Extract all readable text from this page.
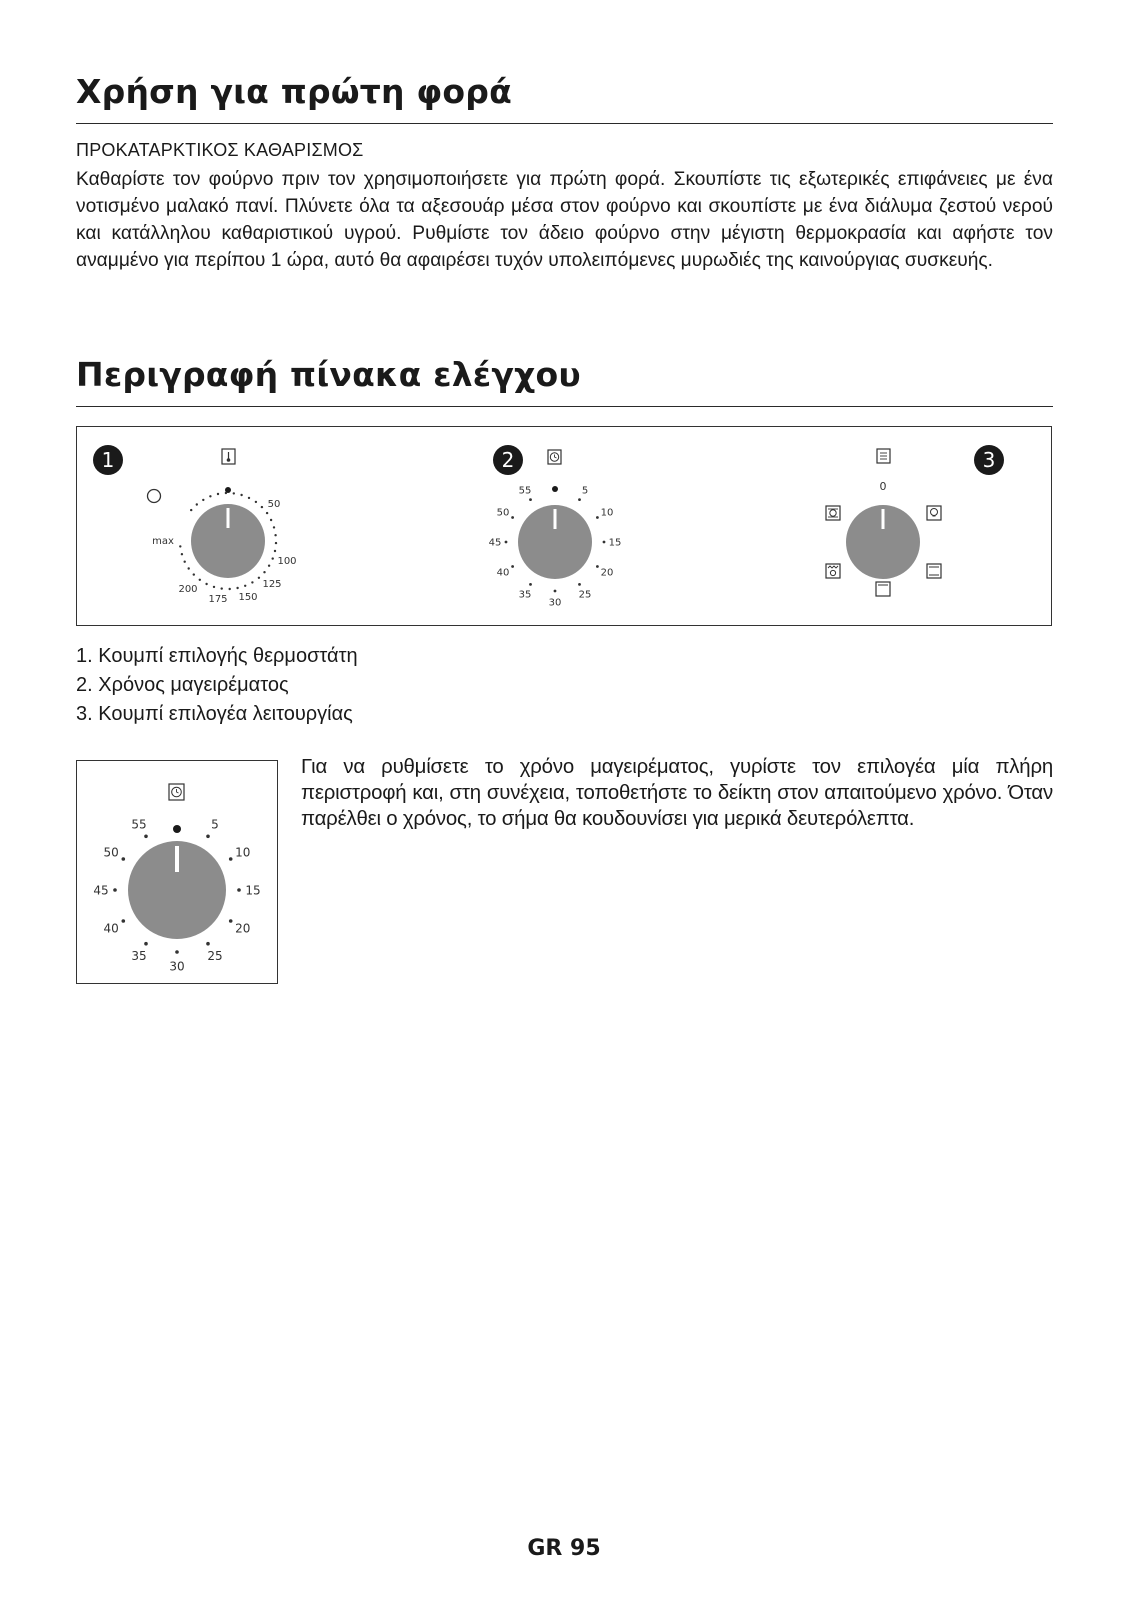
Χρήση για πρώτη φορά
ΠΡΟΚΑΤΑΡΚΤΙΚΟΣ ΚΑΘΑΡΙΣΜΟΣ
Καθαρίστε τον φούρνο πριν τον χρησιμοποιήσετε για πρώτη φορά. Σκουπίστε τις εξωτερικές επιφάνειες με ένα νοτισμένο μαλακό πανί. Πλύνετε όλα τα αξεσουάρ μέσα στον φούρνο και σκουπίστε με ένα διάλυμα ζεστού νερού και κατάλληλου καθαριστικού υγρού. Ρυθμίστε τον άδειο φούρνο στην μέγιστη θερμοκρασία και αφήστε τον αναμμένο για περίπου 1 ώρα, αυτό θα αφαιρέσει τυχόν υπολειπόμενες μυρωδιές της καινούργιας συσκευής.
Περιγραφή πίνακα ελέγχου
1	2	3
50
100
125
150
175
200
max
55	5
10
15
20
25
30
35
40
45
50
0
1. Κουμπί επιλογής θερμοστάτη
2. Χρόνος μαγειρέματος
3. Κουμπί επιλογέα λειτουργίας
55	5
10
15
20
25
30
35
40
45
50
Για να ρυθμίσετε το χρόνο μαγειρέματος, γυρίστε τον επιλογέα μία πλήρη περιστροφή και, στη συνέχεια, τοποθετήστε το δείκτη στον απαιτούμενο χρόνο. Όταν παρέλθει ο χρόνος, το σήμα θα κουδουνίσει για μερικά δευτερόλεπτα.
GR 95
